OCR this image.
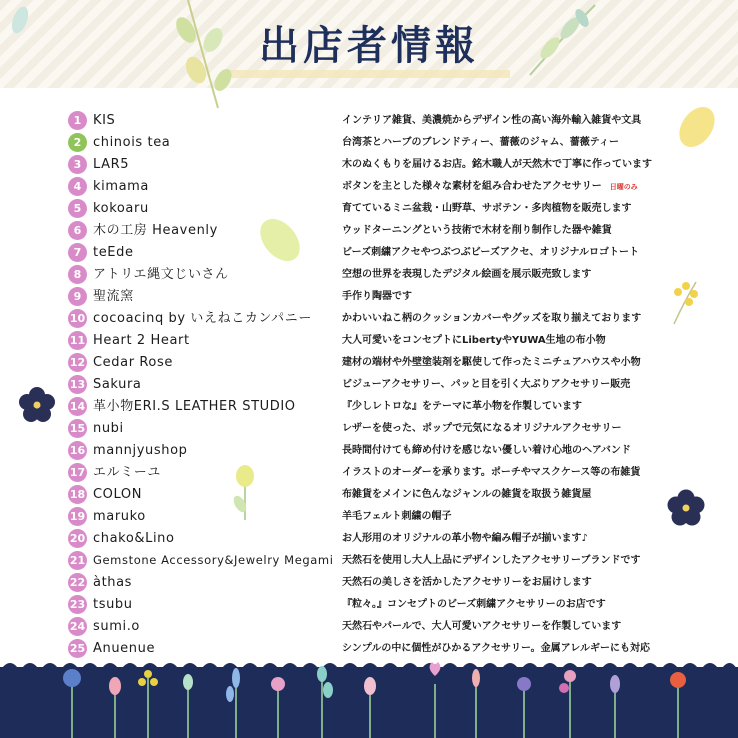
出店者情報
1 KIS	インテリア雑貨、美濃焼からデザイン性の高い海外輸入雑貨や文具
2 chinois tea	台湾茶とハーブのブレンドティー、薔薇のジャム、薔薇ティー
3 LAR5	木のぬくもりを届けるお店。銘木職人が天然木で丁寧に作っています
4 kimama	ボタンを主とした様々な素材を組み合わせたアクセサリー 日曜のみ
5 kokoaru	育てているミニ盆栽・山野草、サボテン・多肉植物を販売します
6 木の工房 Heavenly	ウッドターニングという技術で木材を削り制作した器や雑貨
7 teEde	ビーズ刺繍アクセやつぶつぶビーズアクセ、オリジナルロゴトート
8 アトリエ縄文じいさん	空想の世界を表現したデジタル絵画を展示販売致します
9 聖流窯	手作り陶器です
10 cocoacinq by いえねこカンパニー	かわいいねこ柄のクッションカバーやグッズを取り揃えております
11 Heart 2 Heart	大人可愛いをコンセプトにLibertyやYUWA生地の布小物
12 Cedar Rose	建材の端材や外壁塗装剤を駆使して作ったミニチュアハウスや小物
13 Sakura	ビジューアクセサリー、パッと目を引く大ぶりアクセサリー販売
14 革小物ERI.S LEATHER STUDIO	『少しレトロな』をテーマに革小物を作製しています
15 nubi	レザーを使った、ポップで元気になるオリジナルアクセサリー
16 mannjyushop	長時間付けても締め付けを感じない優しい着け心地のヘアバンド
17 エルミーユ	イラストのオーダーを承ります。ポーチやマスクケース等の布雑貨
18 COLON	布雑貨をメインに色んなジャンルの雑貨を取扱う雑貨屋
19 maruko	羊毛フェルト刺繍の帽子
20 chako&Lino	お人形用のオリジナルの革小物や編み帽子が揃います♪
21 Gemstone Accessory&Jewelry Megami 天然石を使用し大人上品にデザインしたアクセサリーブランドです
22 àthas	天然石の美しさを活かしたアクセサリーをお届けします
23 tsubu	『粒々。』コンセプトのビーズ刺繍アクセサリーのお店です
24 sumi.o	天然石やパールで、大人可愛いアクセサリーを作製しています
25 Anuenue	シンプルの中に個性がひかるアクセサリー。金属アレルギーにも対応
